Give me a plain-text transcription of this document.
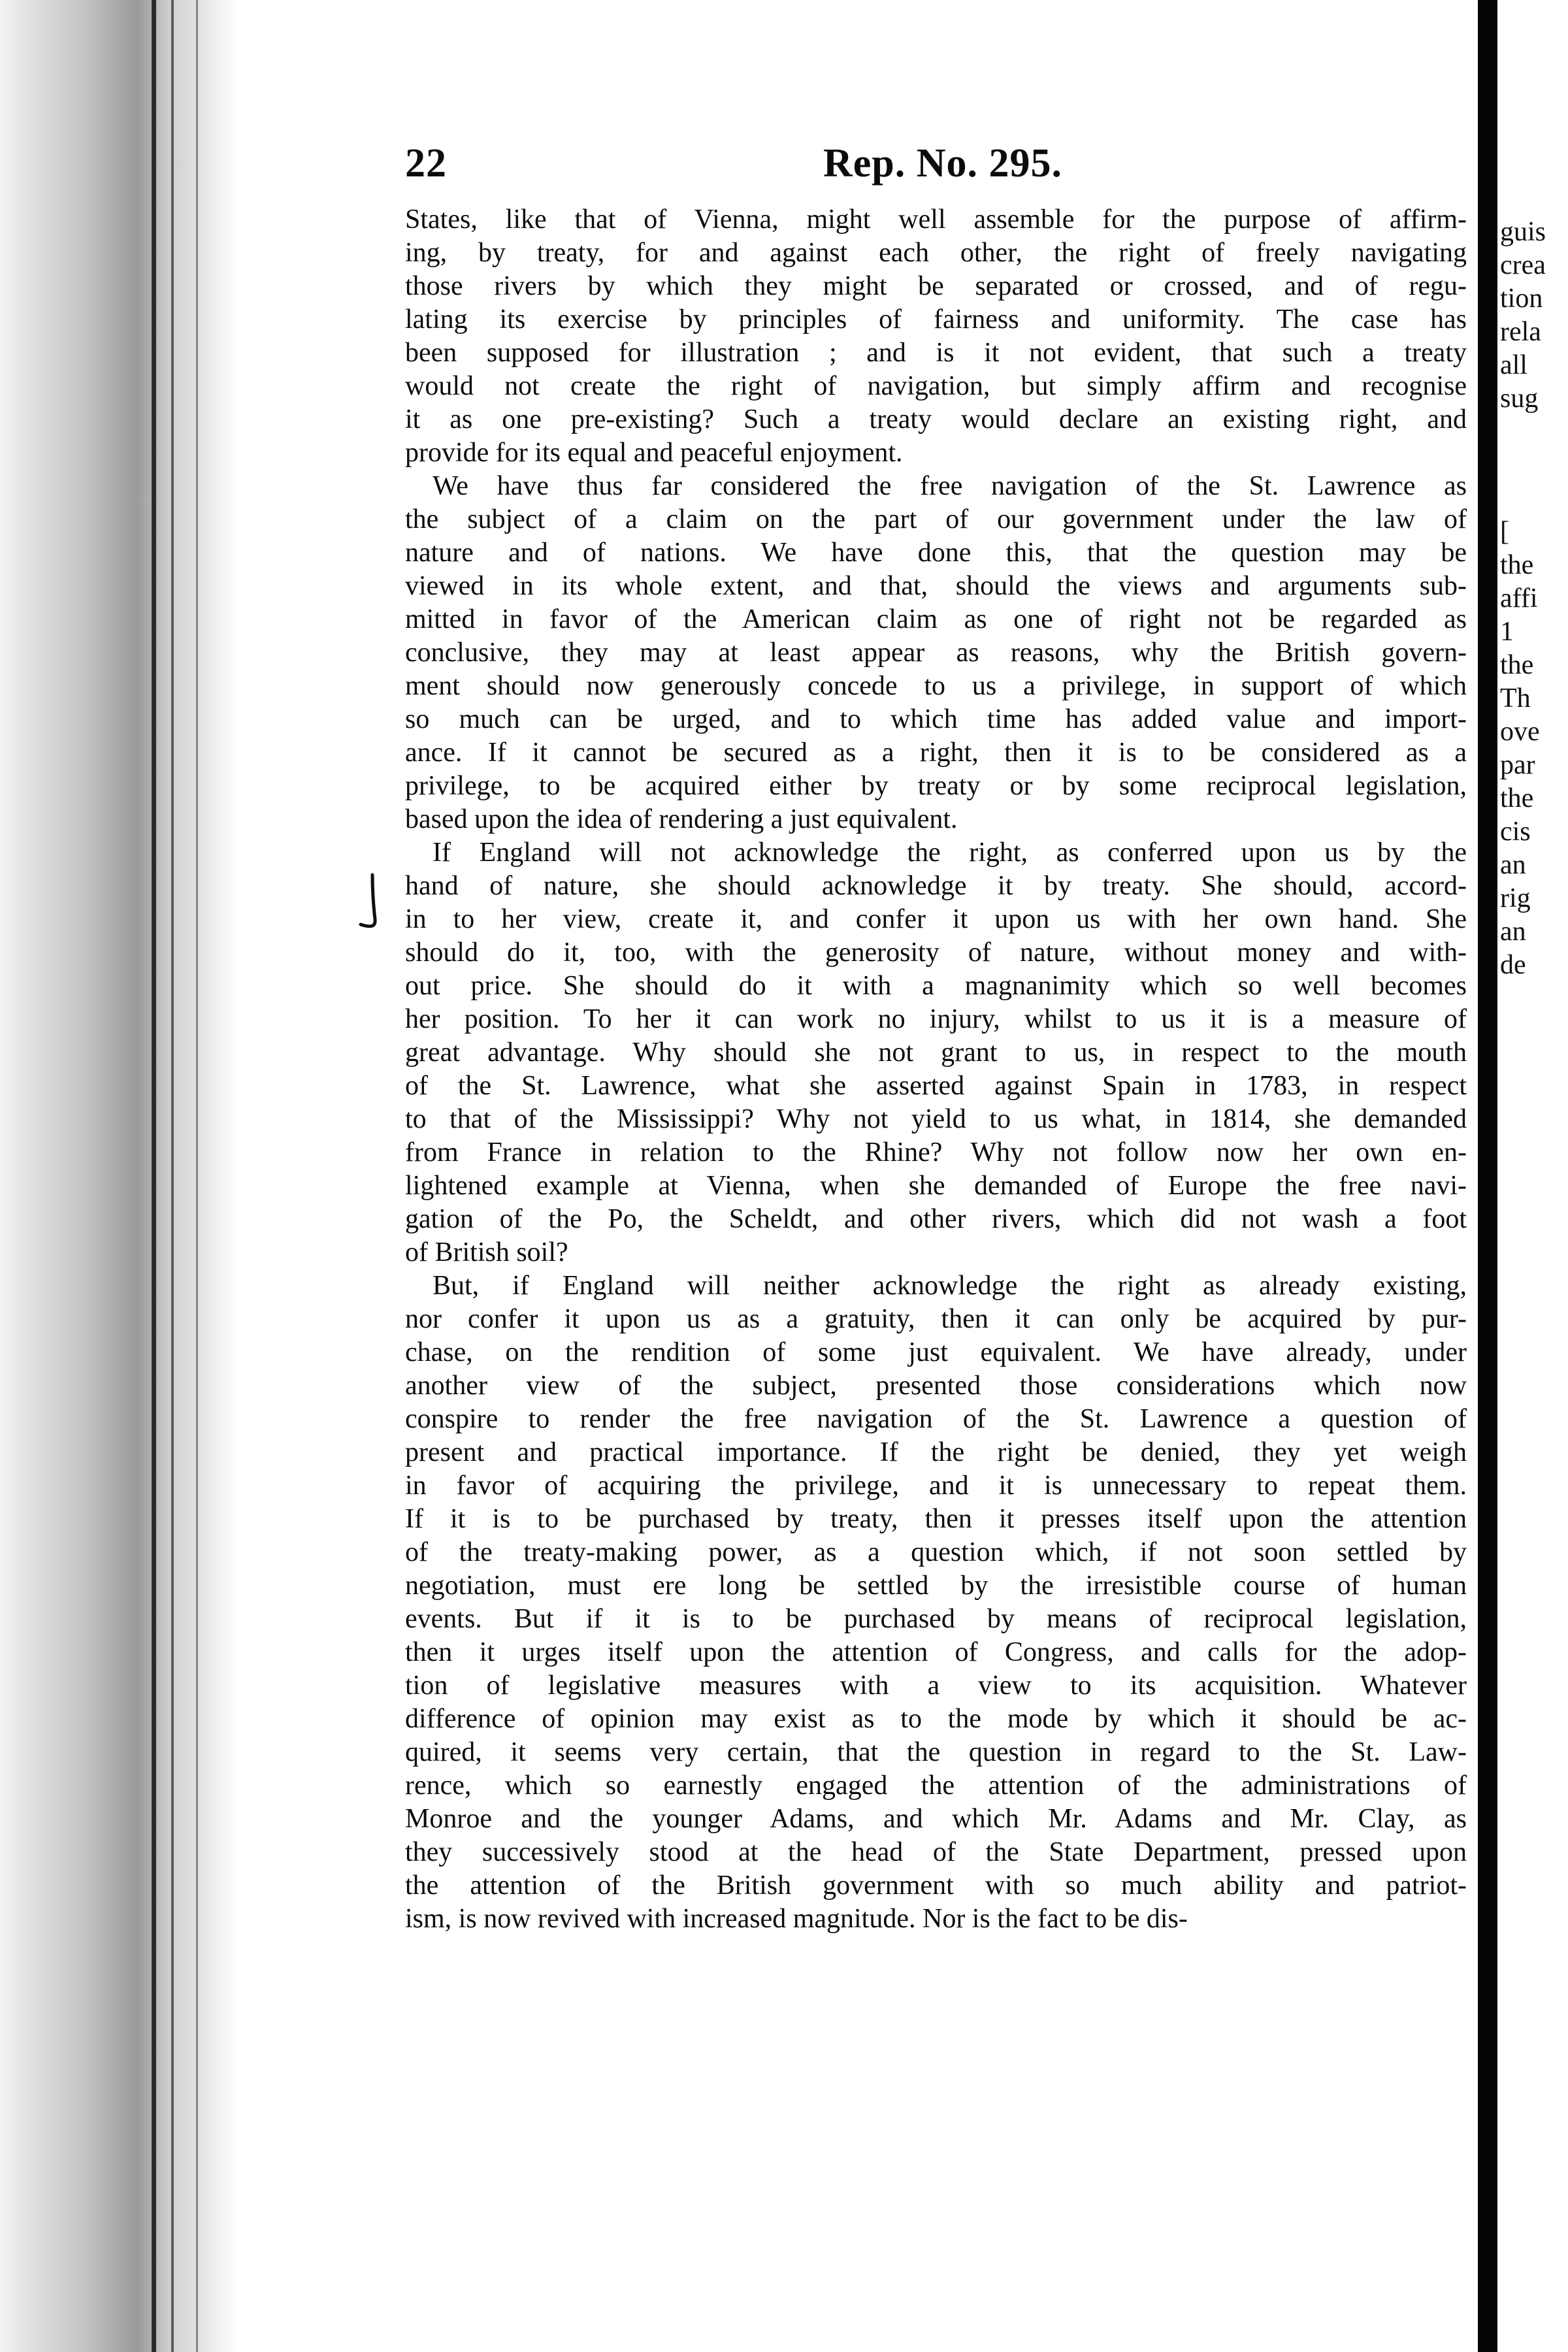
guis
crea
tion
rela
all
sug

[
the
affi
1
the
Th
ove
par
the
cis
an
rig
an
de
22	Rep. No. 295.
States, like that of Vienna, might well assemble for the purpose of affirm-
ing, by treaty, for and against each other, the right of freely navigating
those rivers by which they might be separated or crossed, and of regu-
lating its exercise by principles of fairness and uniformity. The case has
been supposed for illustration ; and is it not evident, that such a treaty
would not create the right of navigation, but simply affirm and recognise
it as one pre-existing? Such a treaty would declare an existing right, and
provide for its equal and peaceful enjoyment.
We have thus far considered the free navigation of the St. Lawrence as
the subject of a claim on the part of our government under the law of
nature and of nations. We have done this, that the question may be
viewed in its whole extent, and that, should the views and arguments sub-
mitted in favor of the American claim as one of right not be regarded as
conclusive, they may at least appear as reasons, why the British govern-
ment should now generously concede to us a privilege, in support of which
so much can be urged, and to which time has added value and import-
ance. If it cannot be secured as a right, then it is to be considered as a
privilege, to be acquired either by treaty or by some reciprocal legislation,
based upon the idea of rendering a just equivalent.
If England will not acknowledge the right, as conferred upon us by the
hand of nature, she should acknowledge it by treaty. She should, accord-
in to her view, create it, and confer it upon us with her own hand. She
should do it, too, with the generosity of nature, without money and with-
out price. She should do it with a magnanimity which so well becomes
her position. To her it can work no injury, whilst to us it is a measure of
great advantage. Why should she not grant to us, in respect to the mouth
of the St. Lawrence, what she asserted against Spain in 1783, in respect
to that of the Mississippi? Why not yield to us what, in 1814, she demanded
from France in relation to the Rhine? Why not follow now her own en-
lightened example at Vienna, when she demanded of Europe the free navi-
gation of the Po, the Scheldt, and other rivers, which did not wash a foot
of British soil?
But, if England will neither acknowledge the right as already existing,
nor confer it upon us as a gratuity, then it can only be acquired by pur-
chase, on the rendition of some just equivalent. We have already, under
another view of the subject, presented those considerations which now
conspire to render the free navigation of the St. Lawrence a question of
present and practical importance. If the right be denied, they yet weigh
in favor of acquiring the privilege, and it is unnecessary to repeat them.
If it is to be purchased by treaty, then it presses itself upon the attention
of the treaty-making power, as a question which, if not soon settled by
negotiation, must ere long be settled by the irresistible course of human
events. But if it is to be purchased by means of reciprocal legislation,
then it urges itself upon the attention of Congress, and calls for the adop-
tion of legislative measures with a view to its acquisition. Whatever
difference of opinion may exist as to the mode by which it should be ac-
quired, it seems very certain, that the question in regard to the St. Law-
rence, which so earnestly engaged the attention of the administrations of
Monroe and the younger Adams, and which Mr. Adams and Mr. Clay, as
they successively stood at the head of the State Department, pressed upon
the attention of the British government with so much ability and patriot-
ism, is now revived with increased magnitude. Nor is the fact to be dis-
